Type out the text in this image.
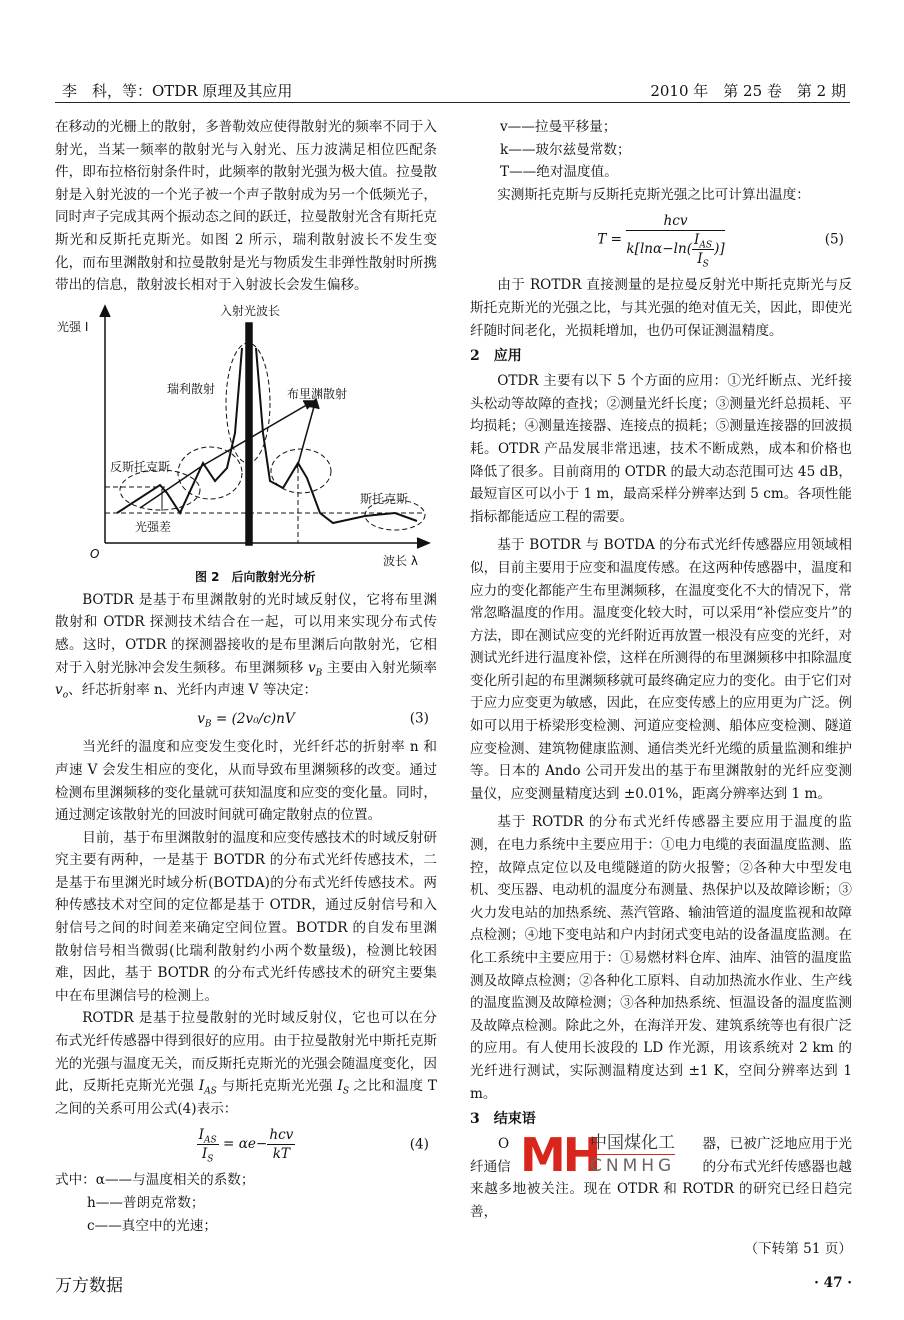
李　科，等：OTDR 原理及其应用	2010 年　第 25 卷　第 2 期
在移动的光栅上的散射，多普勒效应使得散射光的频率不同于入射光，当某一频率的散射光与入射光、压力波满足相位匹配条件，即布拉格衍射条件时，此频率的散射光强为极大值。拉曼散射是入射光波的一个光子被一个声子散射成为另一个低频光子，同时声子完成其两个振动态之间的跃迁，拉曼散射光含有斯托克斯光和反斯托克斯光。如图 2 所示，瑞利散射波长不发生变化，而布里渊散射和拉曼散射是光与物质发生非弹性散射时所携带出的信息，散射波长相对于入射波长会发生偏移。
光强 I
入射光波长
瑞利散射	布里渊散射
反斯托克斯
斯托克斯
光强差
O	波长 λ
图 2　后向散射光分析
BOTDR 是基于布里渊散射的光时域反射仪，它将布里渊散射和 OTDR 探测技术结合在一起，可以用来实现分布式传感。这时，OTDR 的探测器接收的是布里渊后向散射光，它相对于入射光脉冲会发生频移。布里渊频移 $v_B$ 主要由入射光频率 $v_o$、纤芯折射率 n、光纤内声速 V 等决定：
$v_B = (2v_0/c)nV$	(3)
当光纤的温度和应变发生变化时，光纤纤芯的折射率 n 和声速 V 会发生相应的变化，从而导致布里渊频移的改变。通过检测布里渊频移的变化量就可获知温度和应变的变化量。同时，通过测定该散射光的回波时间就可确定散射点的位置。
目前，基于布里渊散射的温度和应变传感技术的时域反射研究主要有两种，一是基于 BOTDR 的分布式光纤传感技术，二是基于布里渊光时域分析(BOTDA)的分布式光纤传感技术。两种传感技术对空间的定位都是基于 OTDR，通过反射信号和入射信号之间的时间差来确定空间位置。BOTDR 的自发布里渊散射信号相当微弱(比瑞利散射约小两个数量级)，检测比较困难，因此，基于 BOTDR 的分布式光纤传感技术的研究主要集中在布里渊信号的检测上。
ROTDR 是基于拉曼散射的光时域反射仪，它也可以在分布式光纤传感器中得到很好的应用。由于拉曼散射光中斯托克斯光的光强与温度无关，而反斯托克斯光的光强会随温度变化，因此，反斯托克斯光光强 $I_{AS}$ 与斯托克斯光光强 $I_S$ 之比和温度 T 之间的关系可用公式(4)表示：
$\frac{I_{AS}}{I_S} = \alpha e- \frac{\text{hcv}}{kT}$	(4)
式中：α——与温度相关的系数；
h——普朗克常数；
c——真空中的光速；
万方数据
v——拉曼平移量；
k——玻尔兹曼常数；
T——绝对温度值。
实测斯托克斯与反斯托克斯光强之比可计算出温度：
$T = \frac{\text{hcv}}{k[\ln\alpha-\ln( \frac{I_{AS}}{I_S} )]}$	(5)
由于 ROTDR 直接测量的是拉曼反射光中斯托克斯光与反斯托克斯光的光强之比，与其光强的绝对值无关，因此，即使光纤随时间老化，光损耗增加，也仍可保证测温精度。
2　应用
OTDR 主要有以下 5 个方面的应用：①光纤断点、光纤接头松动等故障的查找；②测量光纤长度；③测量光纤总损耗、平均损耗；④测量连接器、连接点的损耗；⑤测量连接器的回波损耗。OTDR 产品发展非常迅速，技术不断成熟，成本和价格也降低了很多。目前商用的 OTDR 的最大动态范围可达 45 dB，最短盲区可以小于 1 m，最高采样分辨率达到 5 cm。各项性能指标都能适应工程的需要。
基于 BOTDR 与 BOTDA 的分布式光纤传感器应用领域相似，目前主要用于应变和温度传感。在这两种传感器中，温度和应力的变化都能产生布里渊频移，在温度变化不大的情况下，常常忽略温度的作用。温度变化较大时，可以采用“补偿应变片”的方法，即在测试应变的光纤附近再放置一根没有应变的光纤，对测试光纤进行温度补偿，这样在所测得的布里渊频移中扣除温度变化所引起的布里渊频移就可最终确定应力的变化。由于它们对于应力应变更为敏感，因此，在应变传感上的应用更为广泛。例如可以用于桥梁形变检测、河道应变检测、船体应变检测、隧道应变检测、建筑物健康监测、通信类光纤光缆的质量监测和维护等。日本的 Ando 公司开发出的基于布里渊散射的光纤应变测量仪，应变测量精度达到 ±0.01%，距离分辨率达到 1 m。
基于 ROTDR 的分布式光纤传感器主要应用于温度的监测，在电力系统中主要应用于：①电力电缆的表面温度监测、监控，故障点定位以及电缆隧道的防火报警；②各种大中型发电机、变压器、电动机的温度分布测量、热保护以及故障诊断；③火力发电站的加热系统、蒸汽管路、输油管道的温度监视和故障点检测；④地下变电站和户内封闭式变电站的设备温度监测。在化工系统中主要应用于：①易燃材料仓库、油库、油管的温度监测及故障点检测；②各种化工原料、自动加热流水作业、生产线的温度监测及故障检测；③各种加热系统、恒温设备的温度监测及故障点检测。除此之外，在海洋开发、建筑系统等也有很广泛的应用。有人使用长波段的 LD 作光源，用该系统对 2 km 的光纤进行测试，实际测温精度达到 ±1 K，空间分辨率达到 1 m。
3　结束语
O	器，已被广泛地应用于光
纤通信	的分布式光纤传感器也越
来越多地被关注。现在 OTDR 和 ROTDR 的研究已经日趋完善，
MH
中国煤化工
CNMHG
（下转第 51 页）
· 47 ·
